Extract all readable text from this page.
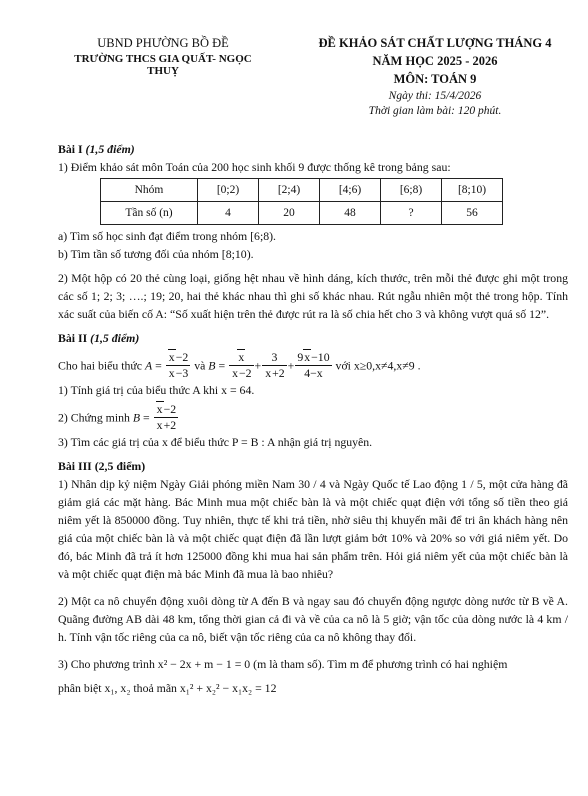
UBND PHƯỜNG BỒ ĐỀ
TRƯỜNG THCS GIA QUẤT- NGỌC THUỴ
ĐỀ KHẢO SÁT CHẤT LƯỢNG THÁNG 4
NĂM HỌC 2025 - 2026
MÔN: TOÁN 9
Ngày thi: 15/4/2026
Thời gian làm bài: 120 phút.

Bài I (1,5 điểm)

1) Điểm khảo sát môn Toán của 200 học sinh khối 9 được thống kê trong bảng sau:

Nhóm	[0;2)	[2;4)	[4;6)	[6;8)	[8;10)
Tần số (n)	4	20	48	?	56

a) Tìm số học sinh đạt điểm trong nhóm [6;8).

b) Tìm tần số tương đối của nhóm [8;10).

2) Một hộp có 20 thẻ cùng loại, giống hệt nhau về hình dáng, kích thước, trên mỗi thẻ được ghi một trong các số 1; 2; 3; ….; 19; 20, hai thẻ khác nhau thì ghi số khác nhau. Rút ngẫu nhiên một thẻ trong hộp. Tính xác suất của biến cố A: “Số xuất hiện trên thẻ được rút ra là số chia hết cho 3 và không vượt quá số 12”.

Bài II (1,5 điểm)

Cho hai biểu thức $A = \frac{x-2}{x-3}$ và $B = \frac{x}{x-2} + \frac{3}{x+2} + \frac{9x-10}{4-x}$ với x≥0,x≠4,x≠9 .

1) Tính giá trị của biểu thức A khi x = 64.

2) Chứng minh $B = \frac{x-2}{x+2}$

3) Tìm các giá trị của x để biểu thức P = B : A nhận giá trị nguyên.

Bài III (2,5 điểm)

1) Nhân dịp kỷ niệm Ngày Giải phóng miền Nam 30 / 4 và Ngày Quốc tế Lao động 1 / 5, một cửa hàng đã giảm giá các mặt hàng. Bác Minh mua một chiếc bàn là và một chiếc quạt điện với tổng số tiền theo giá niêm yết là 850000 đồng. Tuy nhiên, thực tế khi trả tiền, nhờ siêu thị khuyến mãi để tri ân khách hàng nên giá của một chiếc bàn là và một chiếc quạt điện đã lần lượt giảm bớt 10% và 20% so với giá niêm yết. Do đó, bác Minh đã trả ít hơn 125000 đồng khi mua hai sản phẩm trên. Hỏi giá niêm yết của một chiếc bàn là và một chiếc quạt điện mà bác Minh đã mua là bao nhiêu?

2) Một ca nô chuyển động xuôi dòng từ A đến B và ngay sau đó chuyển động ngược dòng nước từ B về A. Quãng đường AB dài 48 km, tổng thời gian cả đi và về của ca nô là 5 giờ; vận tốc của dòng nước là 4 km / h. Tính vận tốc riêng của ca nô, biết vận tốc riêng của ca nô không thay đổi.

3) Cho phương trình x² − 2x + m − 1 = 0 (m là tham số). Tìm m để phương trình có hai nghiệm

phân biệt x₁, x₂ thoả mãn x₁² + x₂² − x₁x₂ = 12
